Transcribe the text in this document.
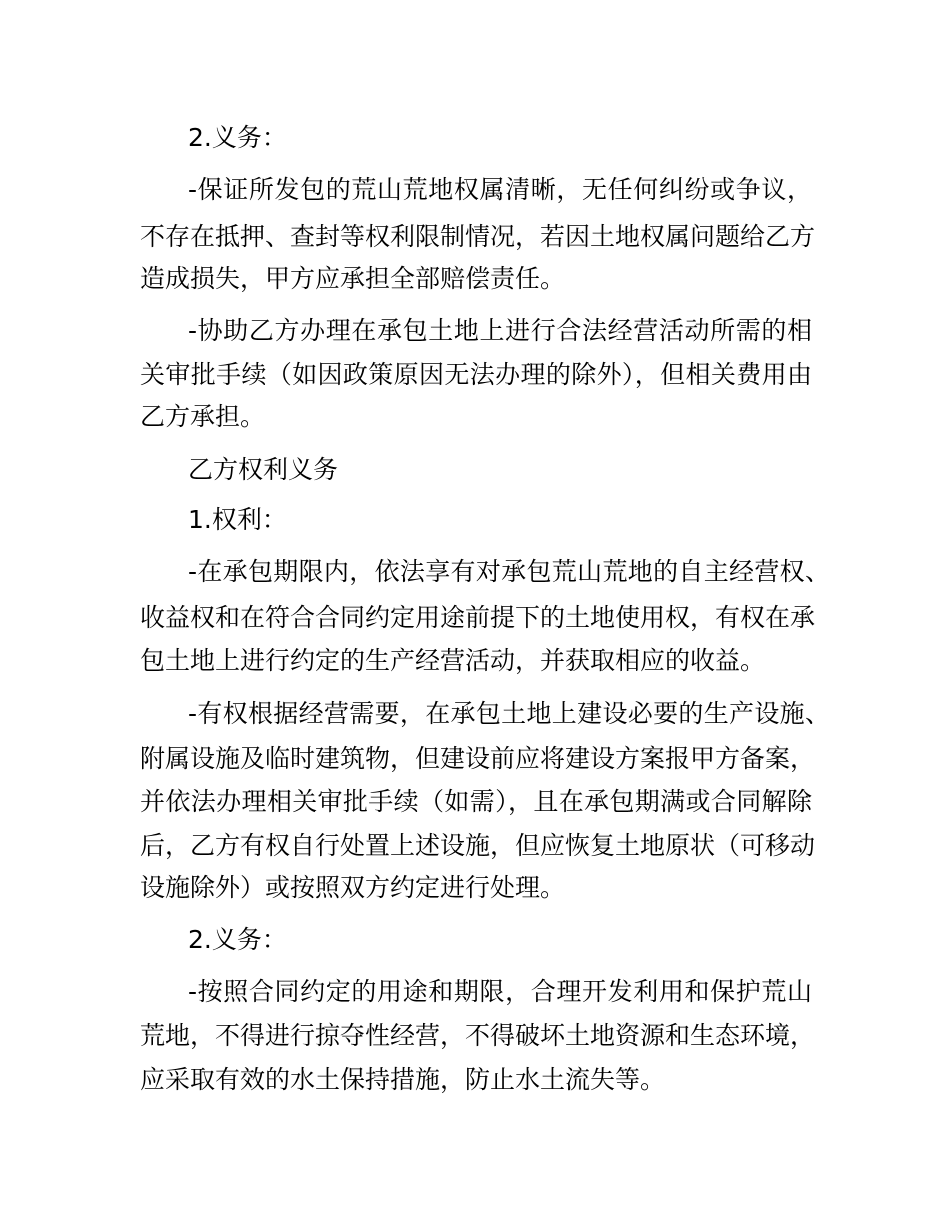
2.义务：
-保证所发包的荒山荒地权属清晰，无任何纠纷或争议，
不存在抵押、查封等权利限制情况，若因土地权属问题给乙方
造成损失，甲方应承担全部赔偿责任。
-协助乙方办理在承包土地上进行合法经营活动所需的相
关审批手续（如因政策原因无法办理的除外），但相关费用由
乙方承担。
乙方权利义务
1.权利：
-在承包期限内，依法享有对承包荒山荒地的自主经营权、
收益权和在符合合同约定用途前提下的土地使用权，有权在承
包土地上进行约定的生产经营活动，并获取相应的收益。
-有权根据经营需要，在承包土地上建设必要的生产设施、
附属设施及临时建筑物，但建设前应将建设方案报甲方备案，
并依法办理相关审批手续（如需），且在承包期满或合同解除
后，乙方有权自行处置上述设施，但应恢复土地原状（可移动
设施除外）或按照双方约定进行处理。
2.义务：
-按照合同约定的用途和期限，合理开发利用和保护荒山
荒地，不得进行掠夺性经营，不得破坏土地资源和生态环境，
应采取有效的水土保持措施，防止水土流失等。
